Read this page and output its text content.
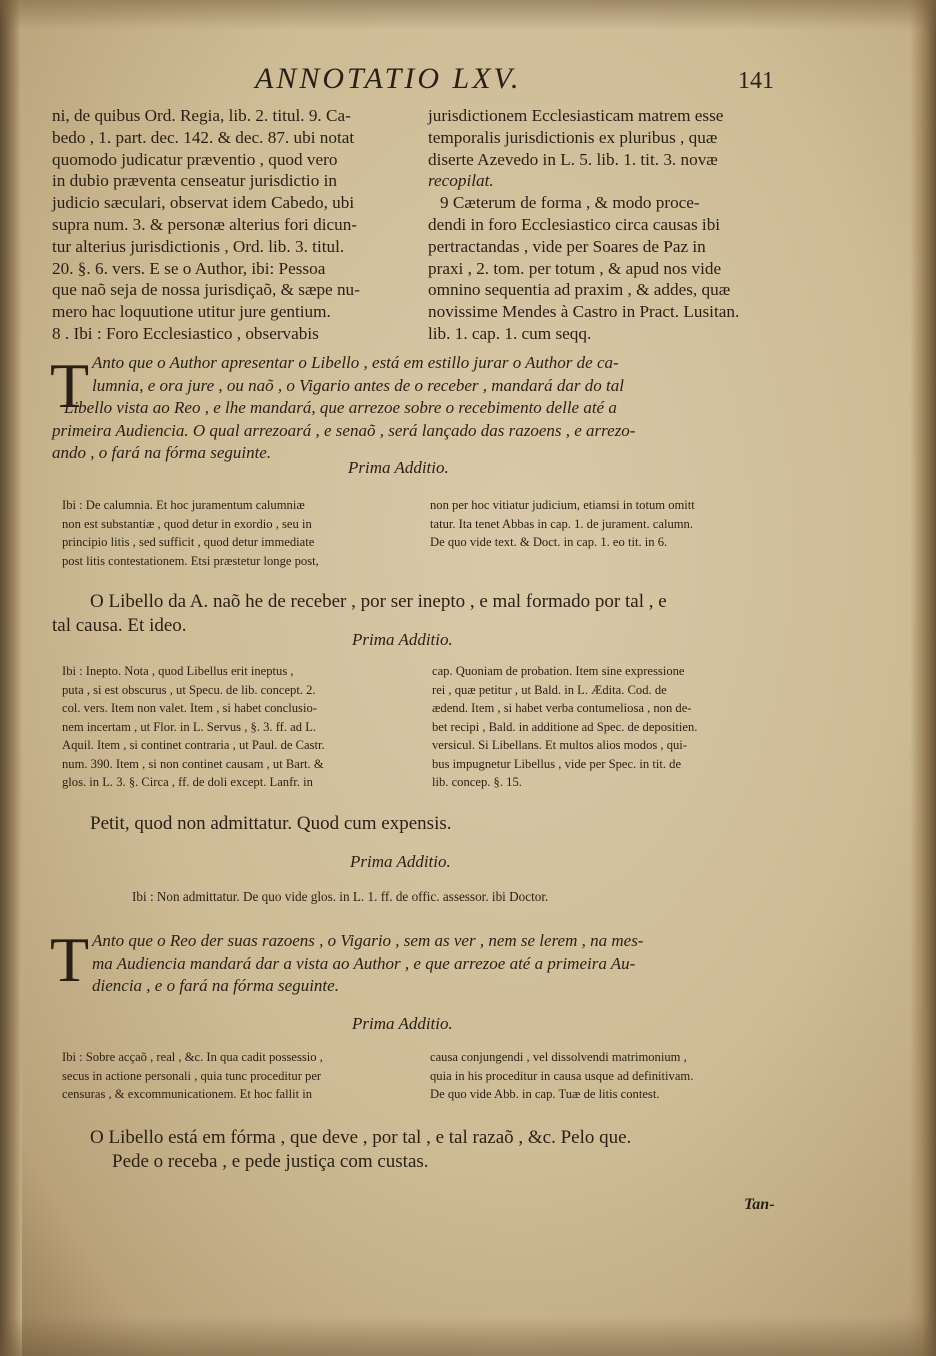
ANNOTATIO LXV.	141
ni, de quibus Ord. Regia, lib. 2. titul. 9. Ca-
bedo , 1. part. dec. 142. & dec. 87. ubi notat
quomodo judicatur præventio , quod vero
in dubio præventa censeatur jurisdictio in
judicio sæculari, observat idem Cabedo, ubi
supra num. 3. & personæ alterius fori dicun-
tur alterius jurisdictionis , Ord. lib. 3. titul.
20. §. 6. vers. E se o Author, ibi: Pessoa
que naõ seja de nossa jurisdiçaõ, & sæpe nu-
mero hac loquutione utitur jure gentium.
8 . Ibi : Foro Ecclesiastico , observabis
jurisdictionem Ecclesiasticam matrem esse
temporalis jurisdictionis ex pluribus , quæ
diserte Azevedo in L. 5. lib. 1. tit. 3. novæ
recopilat.
9 Cæterum de forma , & modo proce-
dendi in foro Ecclesiastico circa causas ibi
pertractandas , vide per Soares de Paz in
praxi , 2. tom. per totum , & apud nos vide
omnino sequentia ad praxim , & addes, quæ
novissime Mendes à Castro in Pract. Lusitan.
lib. 1. cap. 1. cum seqq.
T Anto que o Author apresentar o Libello , está em estillo jurar o Author de ca-
lumnia, e ora jure , ou naõ , o Vigario antes de o receber , mandará dar do tal
Libello vista ao Reo , e lhe mandará, que arrezoe sobre o recebimento delle até a
primeira Audiencia. O qual arrezoará , e senaõ , será lançado das razoens , e arrezo-
ando , o fará na fórma seguinte.
Prima Additio.
Ibi : De calumnia. Et hoc juramentum calumniæ
non est substantiæ , quod detur in exordio , seu in
principio litis , sed sufficit , quod detur immediate
post litis contestationem. Etsi præstetur longe post,
non per hoc vitiatur judicium, etiamsi in totum omitt
tatur. Ita tenet Abbas in cap. 1. de jurament. calumn.
De quo vide text. & Doct. in cap. 1. eo tit. in 6.
O Libello da A. naõ he de receber , por ser inepto , e mal formado por tal , e
tal causa. Et ideo.
Prima Additio.
Ibi : Inepto. Nota , quod Libellus erit ineptus ,
puta , si est obscurus , ut Specu. de lib. concept. 2.
col. vers. Item non valet. Item , si habet conclusio-
nem incertam , ut Flor. in L. Servus , §. 3. ff. ad L.
Aquil. Item , si continet contraria , ut Paul. de Castr.
num. 390. Item , si non continet causam , ut Bart. &
glos. in L. 3. §. Circa , ff. de doli except. Lanfr. in
cap. Quoniam de probation. Item sine expressione
rei , quæ petitur , ut Bald. in L. Ædita. Cod. de
ædend. Item , si habet verba contumeliosa , non de-
bet recipi , Bald. in additione ad Spec. de depositien.
versicul. Si Libellans. Et multos alios modos , qui-
bus impugnetur Libellus , vide per Spec. in tit. de
lib. concep. §. 15.
Petit, quod non admittatur. Quod cum expensis.
Prima Additio.
Ibi : Non admittatur. De quo vide glos. in L. 1. ff. de offic. assessor. ibi Doctor.
T Anto que o Reo der suas razoens , o Vigario , sem as ver , nem se lerem , na mes-
ma Audiencia mandará dar a vista ao Author , e que arrezoe até a primeira Au-
diencia , e o fará na fórma seguinte.
Prima Additio.
Ibi : Sobre acçaõ , real , &c. In qua cadit possessio ,
secus in actione personali , quia tunc proceditur per
censuras , & excommunicationem. Et hoc fallit in
causa conjungendi , vel dissolvendi matrimonium ,
quia in his proceditur in causa usque ad definitivam.
De quo vide Abb. in cap. Tuæ de litis contest.
O Libello está em fórma , que deve , por tal , e tal razaõ , &c. Pelo que.
Pede o receba , e pede justiça com custas.
Tan-
